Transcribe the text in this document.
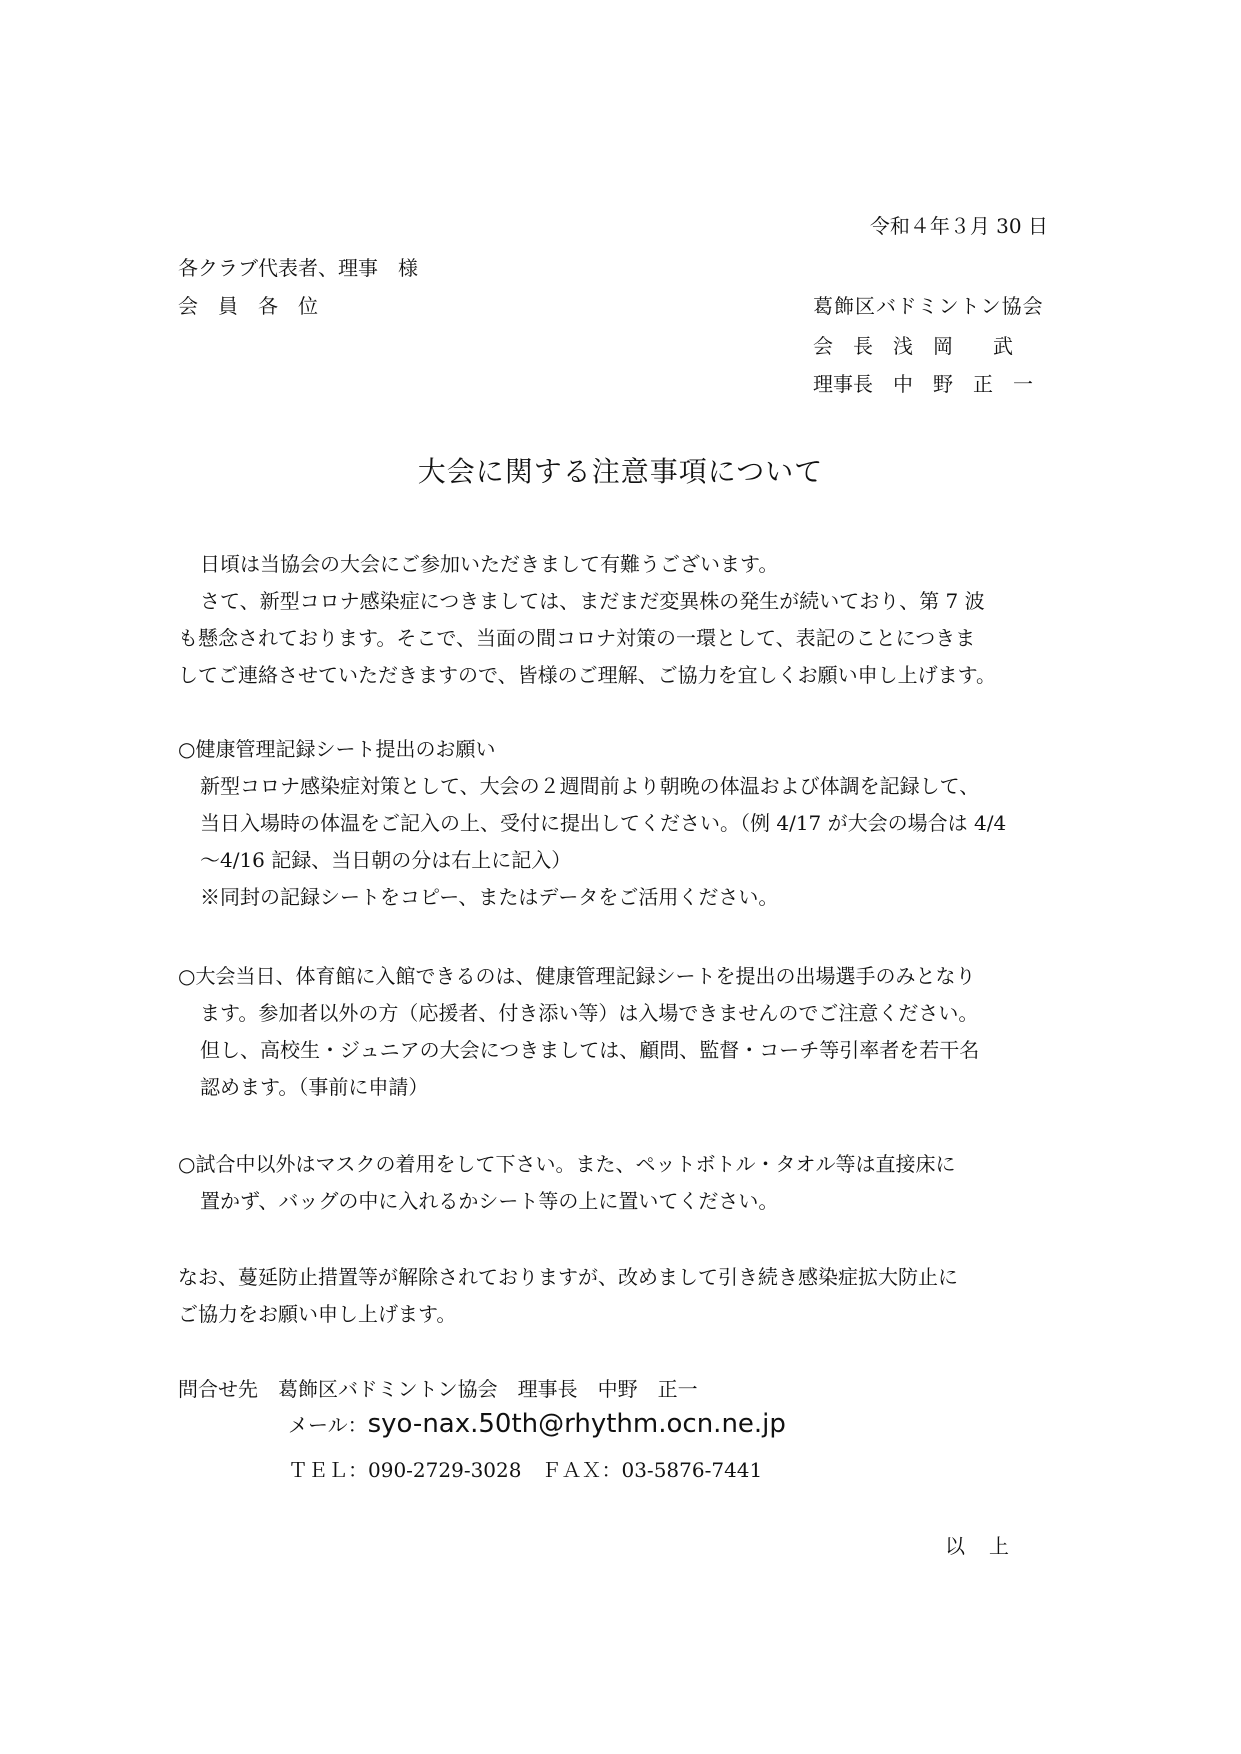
令和４年３月 30 日
各クラブ代表者、理事　様
会　員　各　位	葛飾区バドミントン協会
会　長　浅　岡　　武
理事長　中　野　正　一
大会に関する注意事項について

日頃は当協会の大会にご参加いただきまして有難うございます。

さて、新型コロナ感染症につきましては、まだまだ変異株の発生が続いており、第 7 波

も懸念されております。そこで、当面の間コロナ対策の一環として、表記のことにつきま

してご連絡させていただきますので、皆様のご理解、ご協力を宜しくお願い申し上げます。

○健康管理記録シート提出のお願い

新型コロナ感染症対策として、大会の２週間前より朝晩の体温および体調を記録して、

当日入場時の体温をご記入の上、受付に提出してください。（例 4/17 が大会の場合は 4/4

～4/16 記録、当日朝の分は右上に記入）

※同封の記録シートをコピー、またはデータをご活用ください。

○大会当日、体育館に入館できるのは、健康管理記録シートを提出の出場選手のみとなり

ます。参加者以外の方（応援者、付き添い等）は入場できませんのでご注意ください。

但し、高校生・ジュニアの大会につきましては、顧問、監督・コーチ等引率者を若干名

認めます。（事前に申請）

○試合中以外はマスクの着用をして下さい。また、ペットボトル・タオル等は直接床に

置かず、バッグの中に入れるかシート等の上に置いてください。

なお、蔓延防止措置等が解除されておりますが、改めまして引き続き感染症拡大防止に

ご協力をお願い申し上げます。

問合せ先　葛飾区バドミントン協会　理事長　中野　正一
メール：syo-nax.50th@rhythm.ocn.ne.jp
ＴＥＬ：090-2729-3028　ＦＡＸ：03-5876-7441
以上
